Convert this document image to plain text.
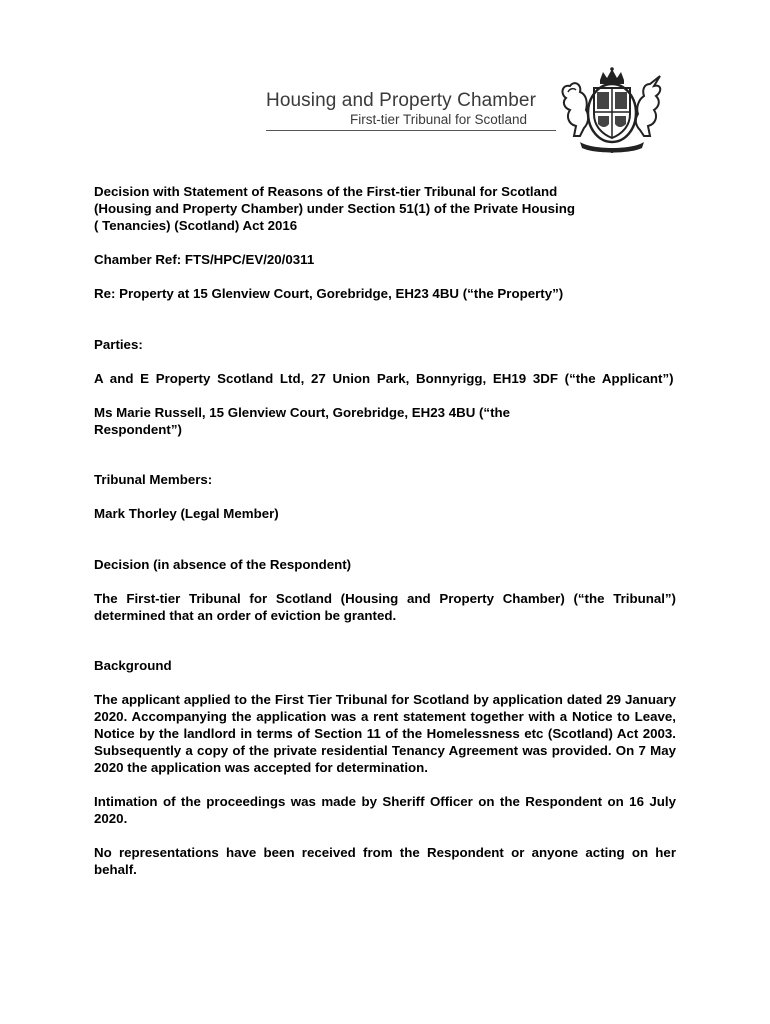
Housing and Property Chamber
First-tier Tribunal for Scotland

Decision with Statement of Reasons of the First-tier Tribunal for Scotland

(Housing and Property Chamber) under Section 51(1) of the Private Housing

( Tenancies) (Scotland) Act 2016

Chamber Ref: FTS/HPC/EV/20/0311

Re: Property at 15 Glenview Court, Gorebridge, EH23 4BU (“the Property”)

Parties:

A and E Property Scotland Ltd, 27 Union Park, Bonnyrigg, EH19 3DF (“the Applicant”)

Ms Marie Russell, 15 Glenview Court, Gorebridge, EH23 4BU (“the Respondent”)

Tribunal Members:

Mark Thorley (Legal Member)

Decision (in absence of the Respondent)

The First-tier Tribunal for Scotland (Housing and Property Chamber) (“the Tribunal”) determined that an order of eviction be granted.

Background

The applicant applied to the First Tier Tribunal for Scotland by application dated 29 January 2020. Accompanying the application was a rent statement together with a Notice to Leave, Notice by the landlord in terms of Section 11 of the Homelessness etc (Scotland) Act 2003. Subsequently a copy of the private residential Tenancy Agreement was provided. On 7 May 2020 the application was accepted for determination.

Intimation of the proceedings was made by Sheriff Officer on the Respondent on 16 July 2020.

No representations have been received from the Respondent or anyone acting on her behalf.
